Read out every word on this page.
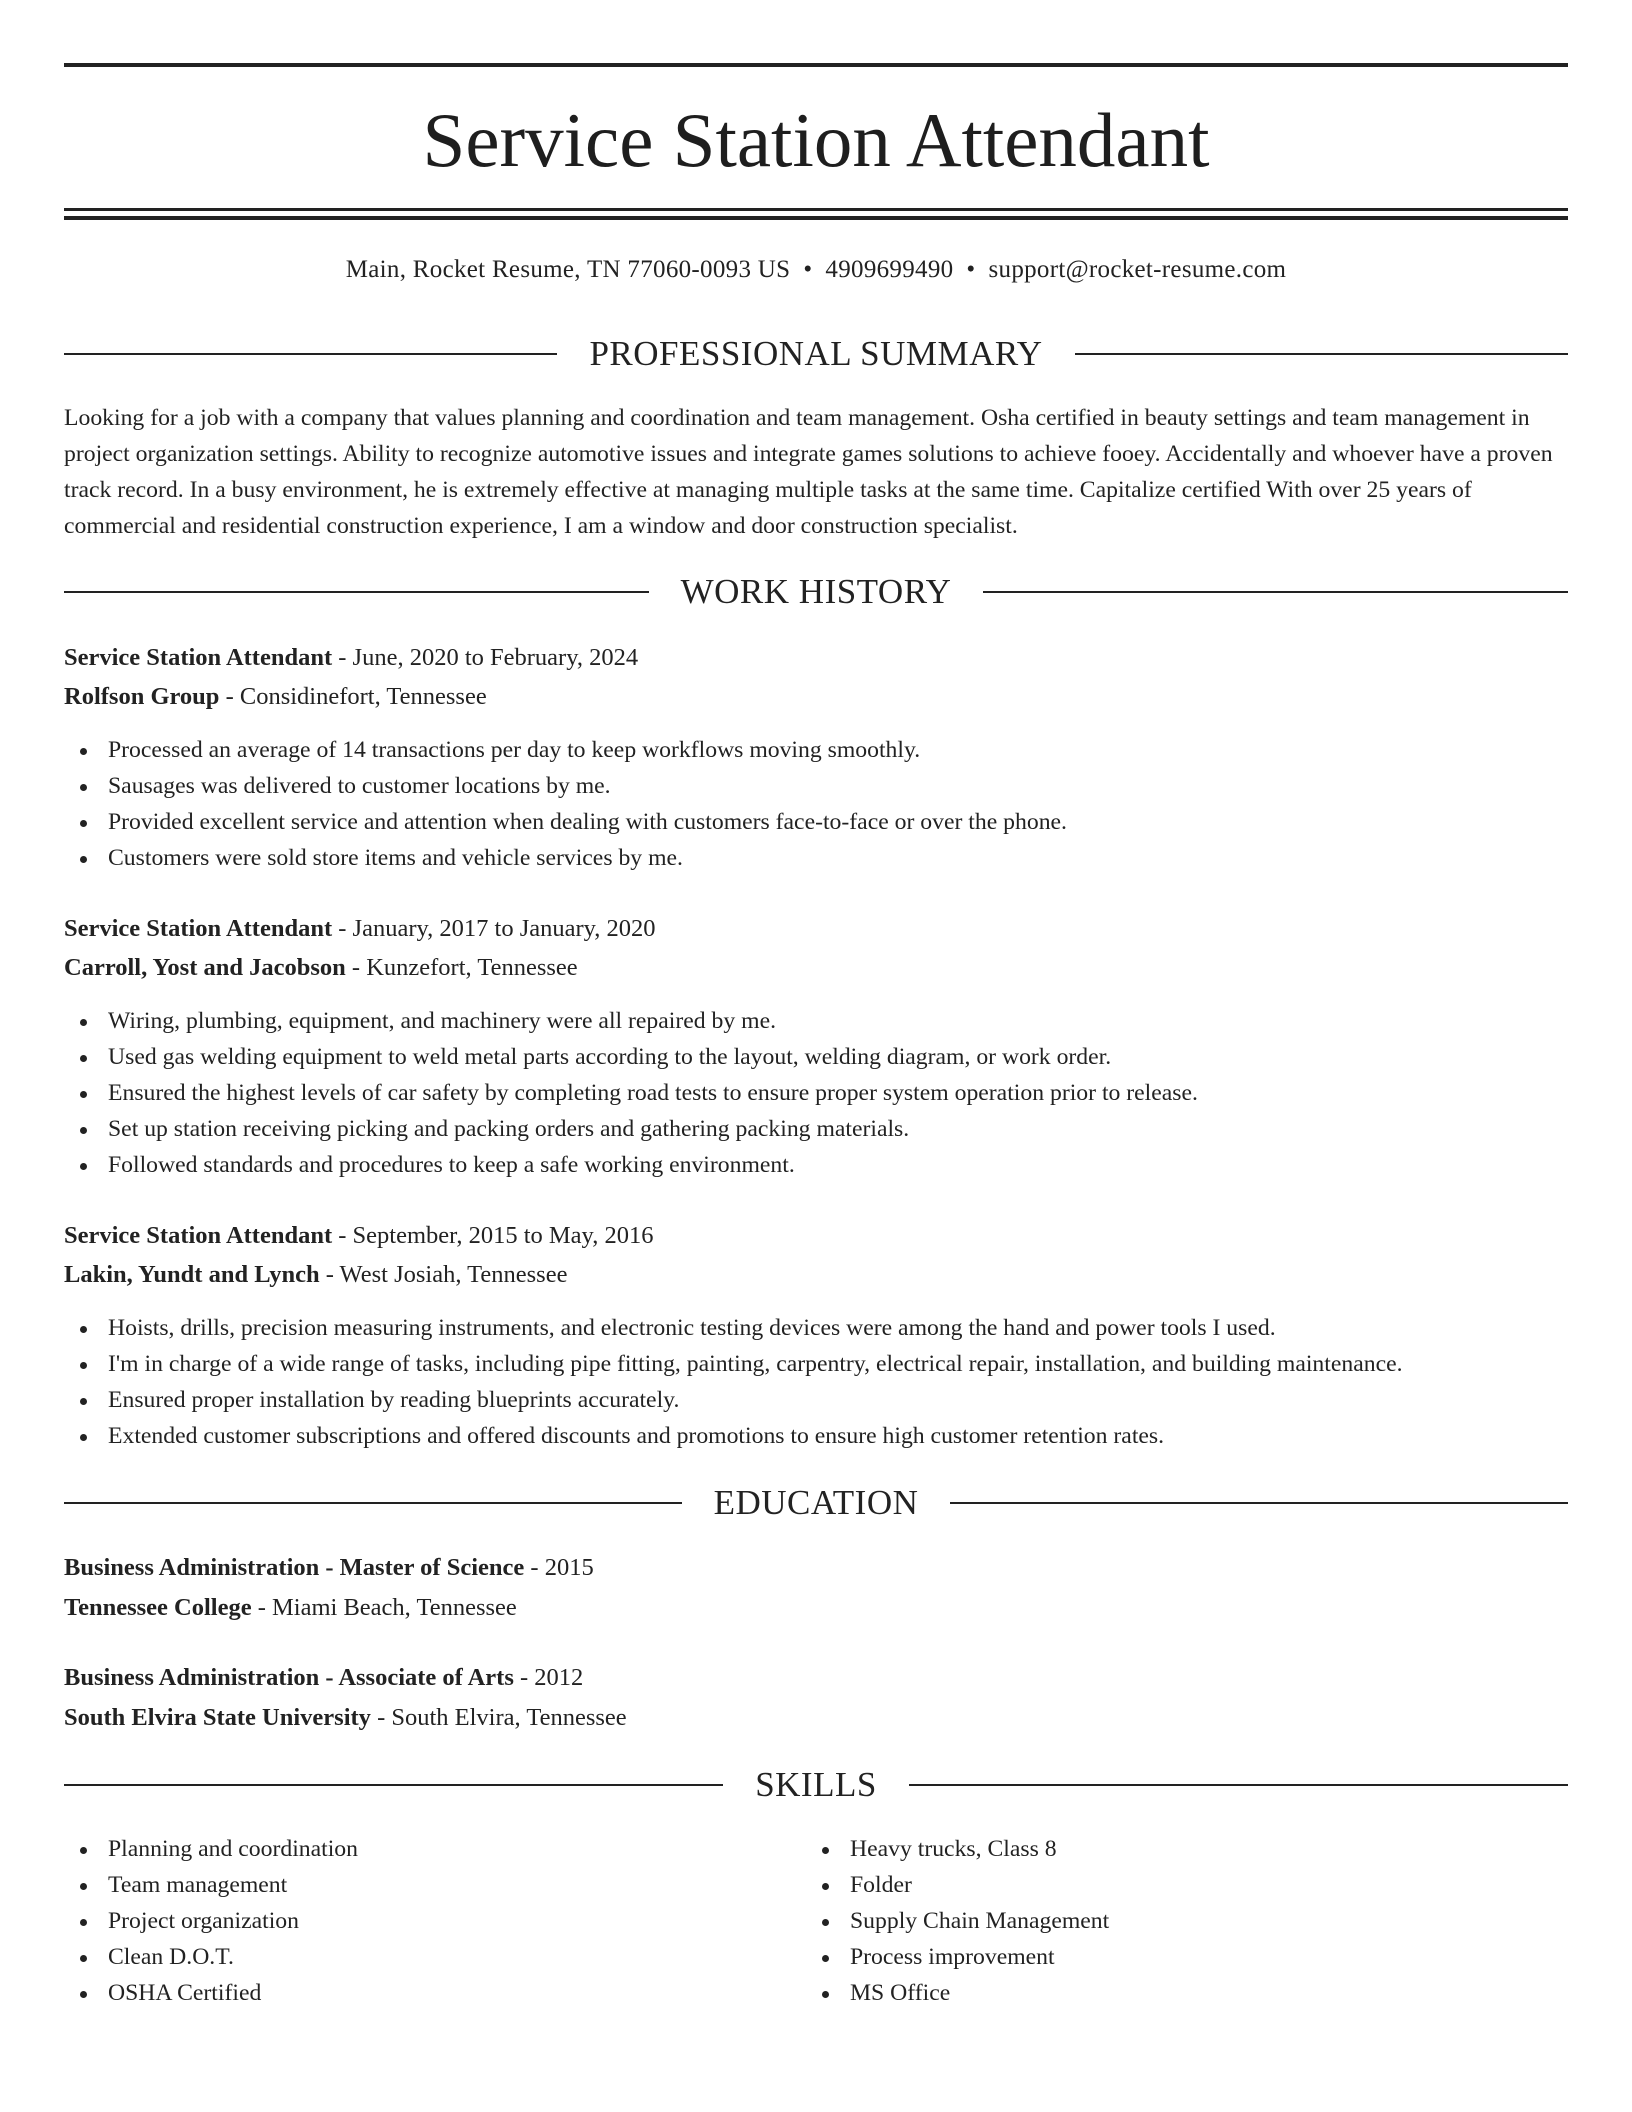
Service Station Attendant
Main, Rocket Resume, TN 77060-0093 US • 4909699490 • support@rocket-resume.com
PROFESSIONAL SUMMARY

Looking for a job with a company that values planning and coordination and team management. Osha certified in beauty settings and team management in project organization settings. Ability to recognize automotive issues and integrate games solutions to achieve fooey. Accidentally and whoever have a proven track record. In a busy environment, he is extremely effective at managing multiple tasks at the same time. Capitalize certified With over 25 years of commercial and residential construction experience, I am a window and door construction specialist.

WORK HISTORY
Service Station Attendant - June, 2020 to February, 2024
Rolfson Group - Considinefort, Tennessee
Processed an average of 14 transactions per day to keep workflows moving smoothly.
Sausages was delivered to customer locations by me.
Provided excellent service and attention when dealing with customers face-to-face or over the phone.
Customers were sold store items and vehicle services by me.
Service Station Attendant - January, 2017 to January, 2020
Carroll, Yost and Jacobson - Kunzefort, Tennessee
Wiring, plumbing, equipment, and machinery were all repaired by me.
Used gas welding equipment to weld metal parts according to the layout, welding diagram, or work order.
Ensured the highest levels of car safety by completing road tests to ensure proper system operation prior to release.
Set up station receiving picking and packing orders and gathering packing materials.
Followed standards and procedures to keep a safe working environment.
Service Station Attendant - September, 2015 to May, 2016
Lakin, Yundt and Lynch - West Josiah, Tennessee
Hoists, drills, precision measuring instruments, and electronic testing devices were among the hand and power tools I used.
I'm in charge of a wide range of tasks, including pipe fitting, painting, carpentry, electrical repair, installation, and building maintenance.
Ensured proper installation by reading blueprints accurately.
Extended customer subscriptions and offered discounts and promotions to ensure high customer retention rates.
EDUCATION
Business Administration - Master of Science - 2015
Tennessee College - Miami Beach, Tennessee
Business Administration - Associate of Arts - 2012
South Elvira State University - South Elvira, Tennessee
SKILLS
Planning and coordination
Team management
Project organization
Clean D.O.T.
OSHA Certified
Heavy trucks, Class 8
Folder
Supply Chain Management
Process improvement
MS Office
